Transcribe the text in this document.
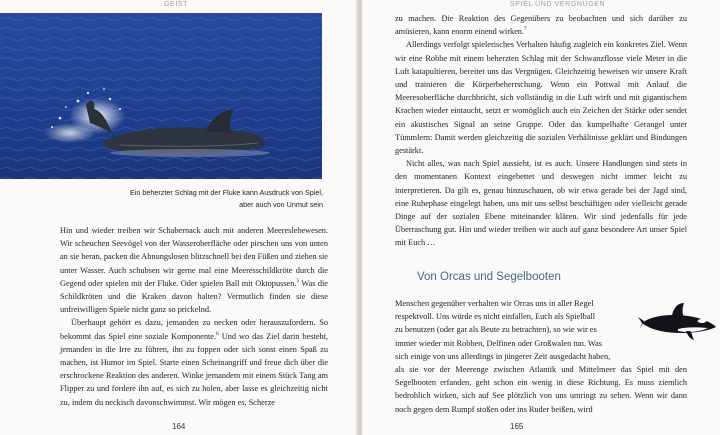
GEIST
Ein beherzter Schlag mit der Fluke kann Ausdruck von Spiel,
aber auch von Unmut sein

Hin und wieder treiben wir Schabernack auch mit anderen Meereslebewesen. Wir scheuchen Seevögel von der Wasseroberfläche oder pirschen uns von unten an sie heran, packen die Ahnungslosen blitzschnell bei den Füßen und ziehen sie unter Wasser. Auch schubsen wir gerne mal eine Meeresschildkröte durch die Gegend oder spielen mit der Fluke. Oder spielen Ball mit Oktopussen.$^5$ Was die Schildkröten und die Kraken davon halten? Vermutlich finden sie diese unfreiwilligen Spiele nicht ganz so prickelnd.

Überhaupt gehört es dazu, jemanden zu necken oder herauszufordern. So bekommt das Spiel eine soziale Komponente.$^6$ Und wo das Ziel darin besteht, jemanden in die Irre zu führen, ihn zu foppen oder sich sonst einen Spaß zu machen, ist Humor im Spiel. Starte einen Scheinangriff und freue dich über die erschrockene Reaktion des anderen. Winke jemandem mit einem Stück Tang am Flipper zu und fordere ihn auf, es sich zu holen, aber lasse es gleichzeitig nicht zu, indem du neckisch davonschwimmst. Wir mögen es, Scherze

164
SPIEL UND VERGNÜGEN

zu machen. Die Reaktion des Gegenübers zu beobachten und sich darüber zu amüsieren, kann enorm einend wirken.$^7$

Allerdings verfolgt spielerisches Verhalten häufig zugleich ein konkretes Ziel. Wenn wir eine Robbe mit einem beherzten Schlag mit der Schwanzflosse viele Meter in die Luft katapultieren, bereitet uns das Vergnügen. Gleichzeitig beweisen wir unsere Kraft und trainieren die Körperbeherrschung. Wenn ein Pottwal mit Anlauf die Meeresoberfläche durchbricht, sich vollständig in die Luft wirft und mit gigantischem Krachen wieder eintaucht, setzt er womöglich auch ein Zeichen der Stärke oder sendet ein akustisches Signal an seine Gruppe. Oder das kumpelhafte Gerangel unter Tümmlern: Damit werden gleichzeitig die sozialen Verhältnisse geklärt und Bindungen gestärkt.

Nicht alles, was nach Spiel aussieht, ist es auch. Unsere Handlungen sind stets in den momentanen Kontext eingebettet und deswegen nicht immer leicht zu interpretieren. Da gilt es, genau hinzuschauen, ob wir etwa gerade bei der Jagd sind, eine Ruhephase eingelegt haben, uns mit uns selbst beschäftigen oder vielleicht gerade Dinge auf der sozialen Ebene miteinander klären. Wir sind jedenfalls für jede Überraschung gut. Hin und wieder treiben wir auch auf ganz besondere Art unser Spiel mit Euch …

Von Orcas und Segelbooten
Menschen gegenüber verhalten wir Orcas uns in aller Regel
respektvoll. Uns würde es nicht einfallen, Euch als Spielball
zu benutzen (oder gar als Beute zu betrachten), so wie wir es
immer wieder mit Robben, Delfinen oder Großwalen tun. Was
sich einige von uns allerdings in jüngerer Zeit ausgedacht haben,

als sie vor der Meerenge zwischen Atlantik und Mittelmeer das Spiel mit den Segelbooten erfanden, geht schon ein wenig in diese Richtung. Es muss ziemlich bedrohlich wirken, sich auf See plötzlich von uns umringt zu sehen. Wenn wir dann noch gegen dem Rumpf stoßen oder ins Ruder beißen, wird

165
